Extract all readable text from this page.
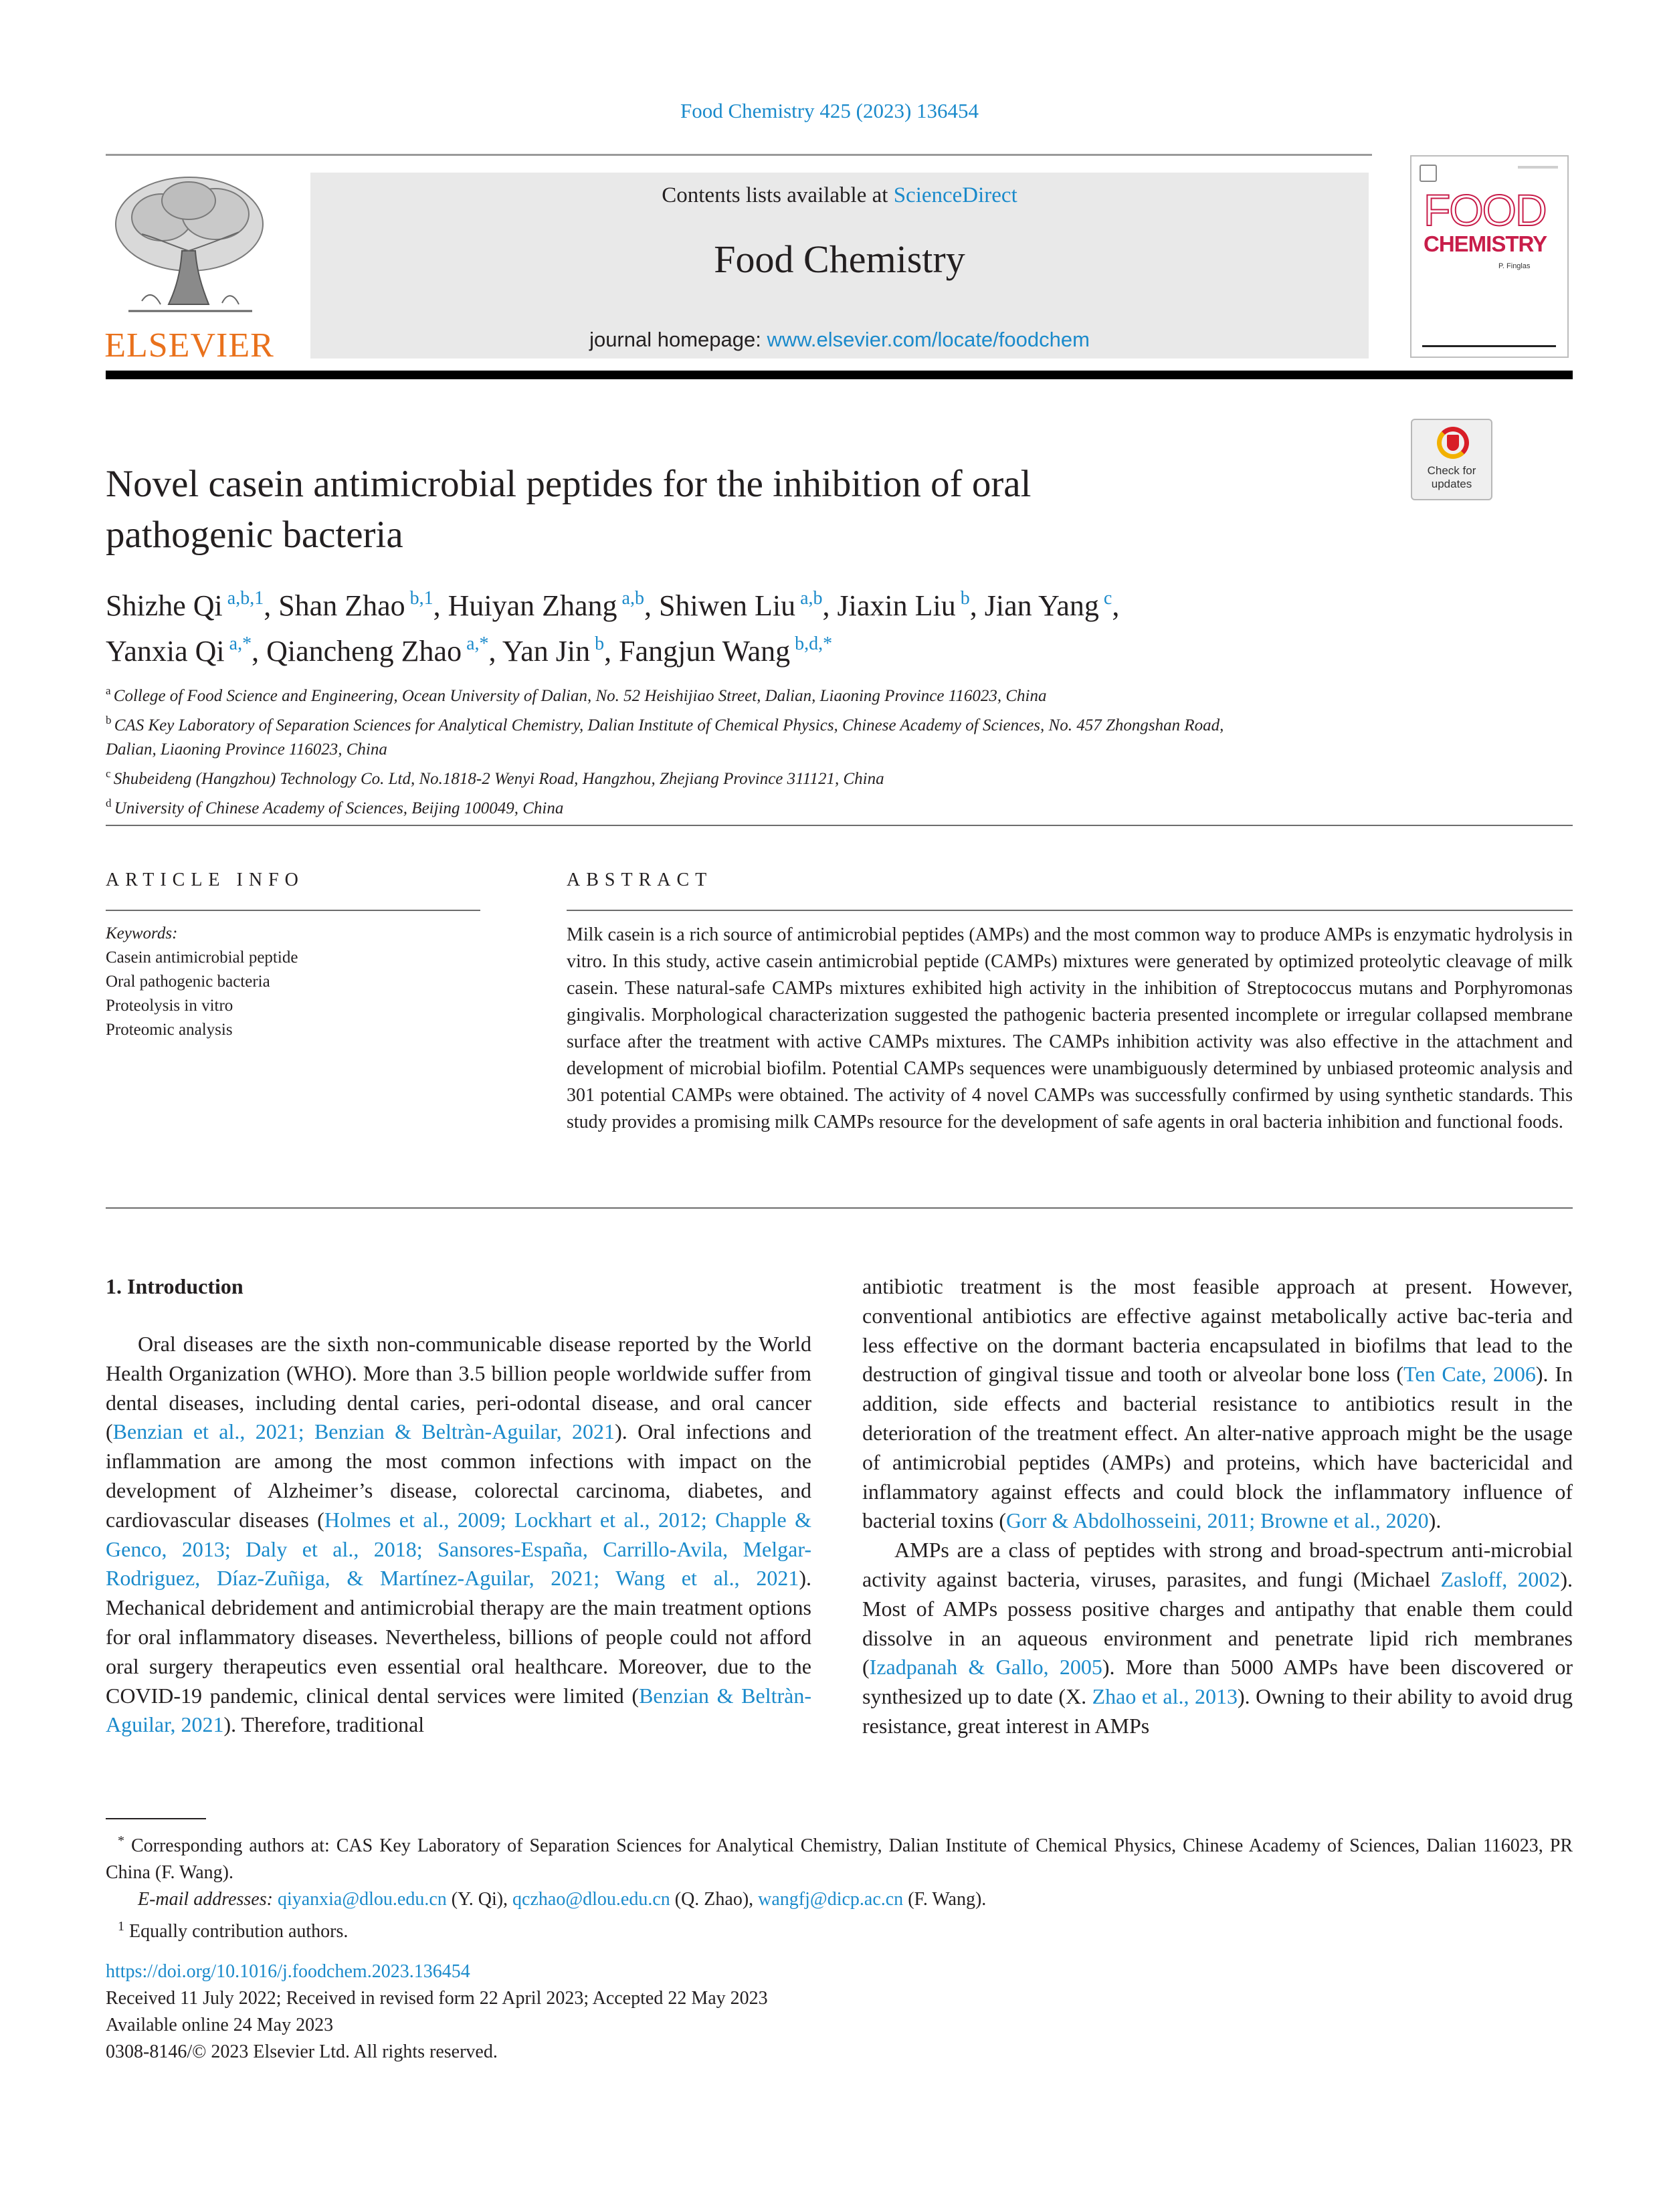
Food Chemistry 425 (2023) 136454
ELSEVIER
Contents lists available at ScienceDirect
Food Chemistry
journal homepage: www.elsevier.com/locate/foodchem
FOOD
CHEMISTRY
P. Finglas
Check for
updates
Novel casein antimicrobial peptides for the inhibition of oral
pathogenic bacteria
Shizhe Qi $^{a,b,1}$, Shan Zhao $^{b,1}$, Huiyan Zhang $^{a,b}$, Shiwen Liu $^{a,b}$, Jiaxin Liu $^b$, Jian Yang $^c$,
Yanxia Qi $^{a,*}$, Qiancheng Zhao $^{a,*}$, Yan Jin $^b$, Fangjun Wang $^{b,d,*}$
$^a$ College of Food Science and Engineering, Ocean University of Dalian, No. 52 Heishijiao Street, Dalian, Liaoning Province 116023, China
$^b$ CAS Key Laboratory of Separation Sciences for Analytical Chemistry, Dalian Institute of Chemical Physics, Chinese Academy of Sciences, No. 457 Zhongshan Road,
Dalian, Liaoning Province 116023, China
$^c$ Shubeideng (Hangzhou) Technology Co. Ltd, No.1818-2 Wenyi Road, Hangzhou, Zhejiang Province 311121, China
$^d$ University of Chinese Academy of Sciences, Beijing 100049, China
ARTICLE INFO
Keywords:
Casein antimicrobial peptide
Oral pathogenic bacteria
Proteolysis in vitro
Proteomic analysis
ABSTRACT
Milk casein is a rich source of antimicrobial peptides (AMPs) and the most common way to produce AMPs is enzymatic hydrolysis in vitro. In this study, active casein antimicrobial peptide (CAMPs) mixtures were generated by optimized proteolytic cleavage of milk casein. These natural-safe CAMPs mixtures exhibited high activity in the inhibition of Streptococcus mutans and Porphyromonas gingivalis. Morphological characterization suggested the pathogenic bacteria presented incomplete or irregular collapsed membrane surface after the treatment with active CAMPs mixtures. The CAMPs inhibition activity was also effective in the attachment and development of microbial biofilm. Potential CAMPs sequences were unambiguously determined by unbiased proteomic analysis and 301 potential CAMPs were obtained. The activity of 4 novel CAMPs was successfully confirmed by using synthetic standards. This study provides a promising milk CAMPs resource for the development of safe agents in oral bacteria inhibition and functional foods.
1. Introduction

Oral diseases are the sixth non-communicable disease reported by the World Health Organization (WHO). More than 3.5 billion people worldwide suffer from dental diseases, including dental caries, peri-odontal disease, and oral cancer (Benzian et al., 2021; Benzian & Beltràn-Aguilar, 2021). Oral infections and inflammation are among the most common infections with impact on the development of Alzheimer’s disease, colorectal carcinoma, diabetes, and cardiovascular diseases (Holmes et al., 2009; Lockhart et al., 2012; Chapple & Genco, 2013; Daly et al., 2018; Sansores-España, Carrillo-Avila, Melgar-Rodriguez, Díaz-Zuñiga, & Martínez-Aguilar, 2021; Wang et al., 2021). Mechanical debridement and antimicrobial therapy are the main treatment options for oral inflammatory diseases. Nevertheless, billions of people could not afford oral surgery therapeutics even essential oral healthcare. Moreover, due to the COVID-19 pandemic, clinical dental services were limited (Benzian & Beltràn-Aguilar, 2021). Therefore, traditional

antibiotic treatment is the most feasible approach at present. However, conventional antibiotics are effective against metabolically active bac-teria and less effective on the dormant bacteria encapsulated in biofilms that lead to the destruction of gingival tissue and tooth or alveolar bone loss (Ten Cate, 2006). In addition, side effects and bacterial resistance to antibiotics result in the deterioration of the treatment effect. An alter-native approach might be the usage of antimicrobial peptides (AMPs) and proteins, which have bactericidal and inflammatory against effects and could block the inflammatory influence of bacterial toxins (Gorr & Abdolhosseini, 2011; Browne et al., 2020).

AMPs are a class of peptides with strong and broad-spectrum anti-microbial activity against bacteria, viruses, parasites, and fungi (Michael Zasloff, 2002). Most of AMPs possess positive charges and antipathy that enable them could dissolve in an aqueous environment and penetrate lipid rich membranes (Izadpanah & Gallo, 2005). More than 5000 AMPs have been discovered or synthesized up to date (X. Zhao et al., 2013). Owning to their ability to avoid drug resistance, great interest in AMPs

* Corresponding authors at: CAS Key Laboratory of Separation Sciences for Analytical Chemistry, Dalian Institute of Chemical Physics, Chinese Academy of Sciences, Dalian 116023, PR China (F. Wang).
E-mail addresses: qiyanxia@dlou.edu.cn (Y. Qi), qczhao@dlou.edu.cn (Q. Zhao), wangfj@dicp.ac.cn (F. Wang).
$^1$ Equally contribution authors.
https://doi.org/10.1016/j.foodchem.2023.136454
Received 11 July 2022; Received in revised form 22 April 2023; Accepted 22 May 2023
Available online 24 May 2023
0308-8146/© 2023 Elsevier Ltd. All rights reserved.
